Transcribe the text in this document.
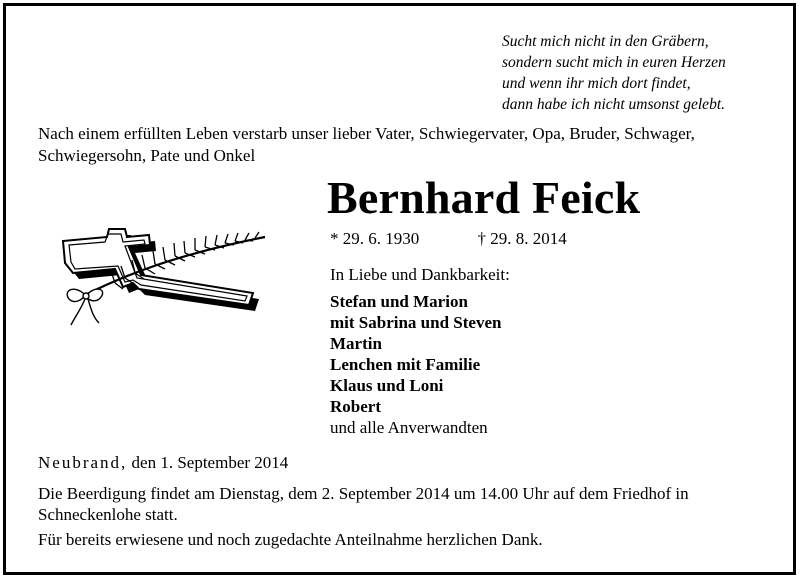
Sucht mich nicht in den Gräbern,
sondern sucht mich in euren Herzen
und wenn ihr mich dort findet,
dann habe ich nicht umsonst gelebt.
Nach einem erfüllten Leben verstarb unser lieber Vater, Schwiegervater, Opa, Bruder, Schwager, Schwiegersohn, Pate und Onkel
Bernhard Feick
* 29. 6. 1930	† 29. 8. 2014
In Liebe und Dankbarkeit:
Stefan und Marion
mit Sabrina und Steven
Martin
Lenchen mit Familie
Klaus und Loni
Robert
und alle Anverwandten
Neubrand, den 1. September 2014
Die Beerdigung findet am Dienstag, dem 2. September 2014 um 14.00 Uhr auf dem Friedhof in Schneckenlohe statt.
Für bereits erwiesene und noch zugedachte Anteilnahme herzlichen Dank.
